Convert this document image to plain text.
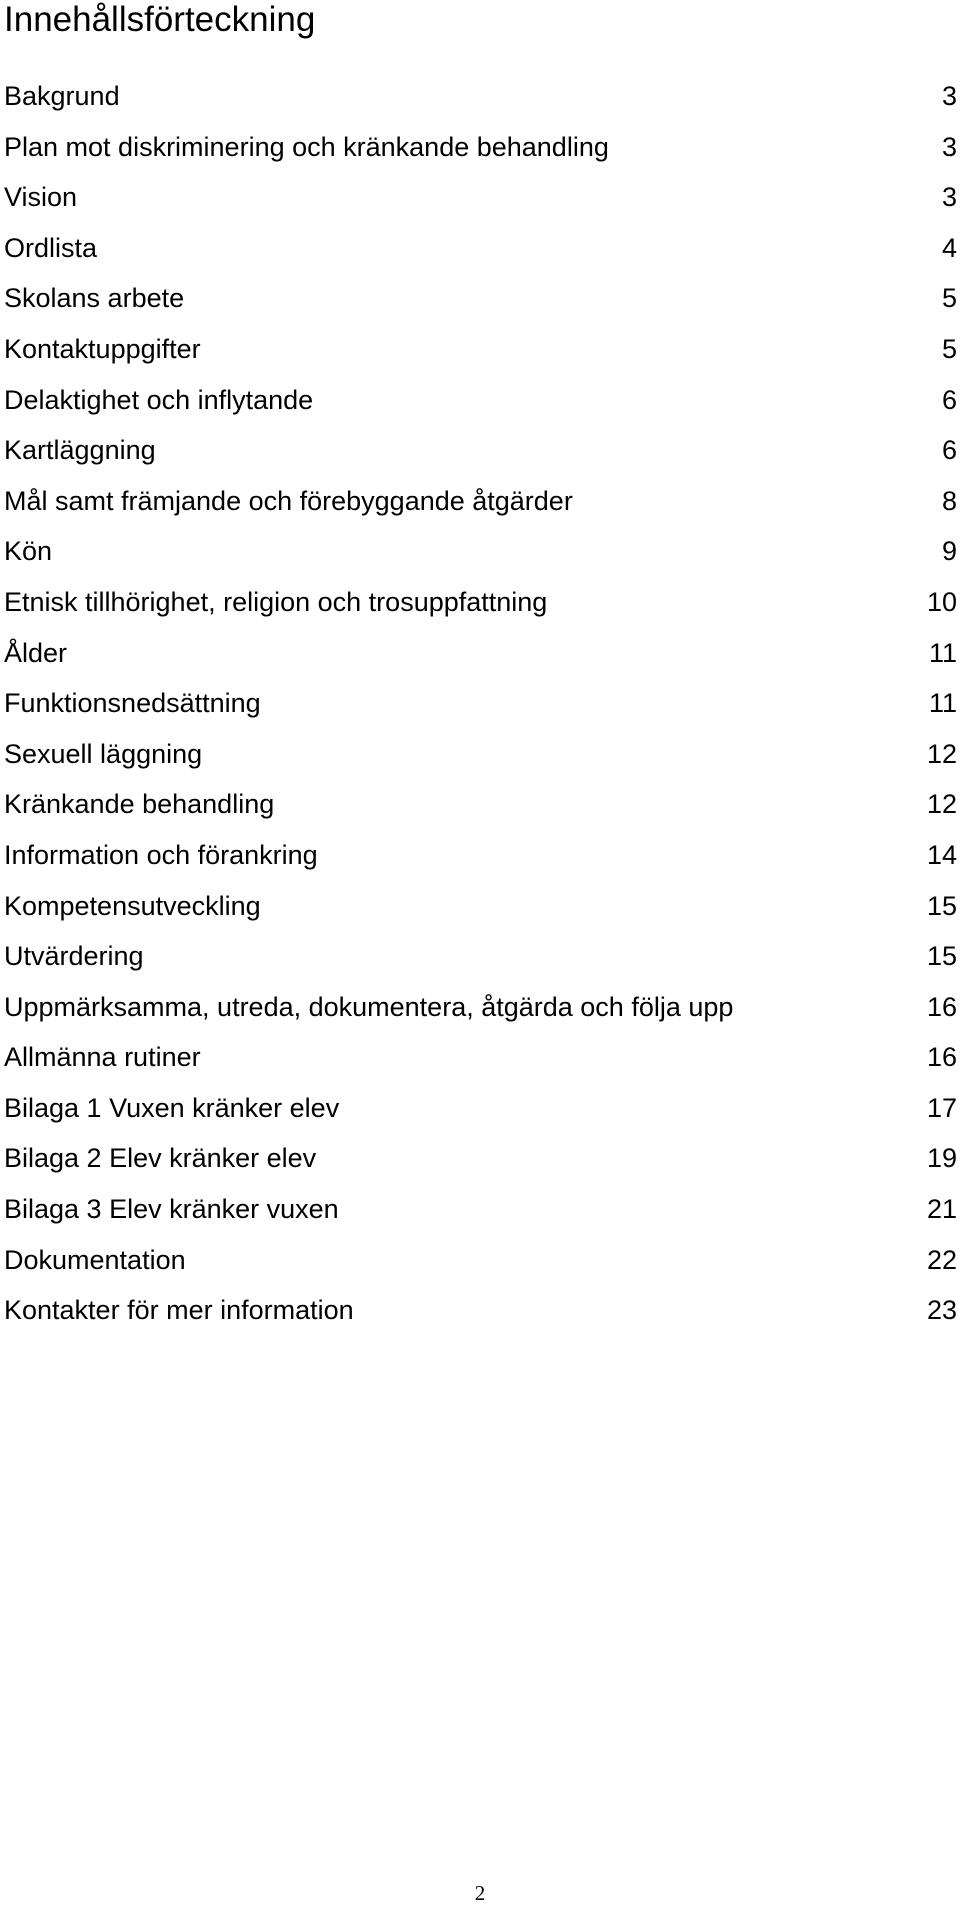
Innehållsförteckning
Bakgrund	3
Plan mot diskriminering och kränkande behandling	3
Vision	3
Ordlista	4
Skolans arbete	5
Kontaktuppgifter	5
Delaktighet och inflytande	6
Kartläggning	6
Mål samt främjande och förebyggande åtgärder	8
Kön	9
Etnisk tillhörighet, religion och trosuppfattning	10
Ålder	11
Funktionsnedsättning	11
Sexuell läggning	12
Kränkande behandling	12
Information och förankring	14
Kompetensutveckling	15
Utvärdering	15
Uppmärksamma, utreda, dokumentera, åtgärda och följa upp	16
Allmänna rutiner	16
Bilaga 1 Vuxen kränker elev	17
Bilaga 2 Elev kränker elev	19
Bilaga 3 Elev kränker vuxen	21
Dokumentation	22
Kontakter för mer information	23
2
